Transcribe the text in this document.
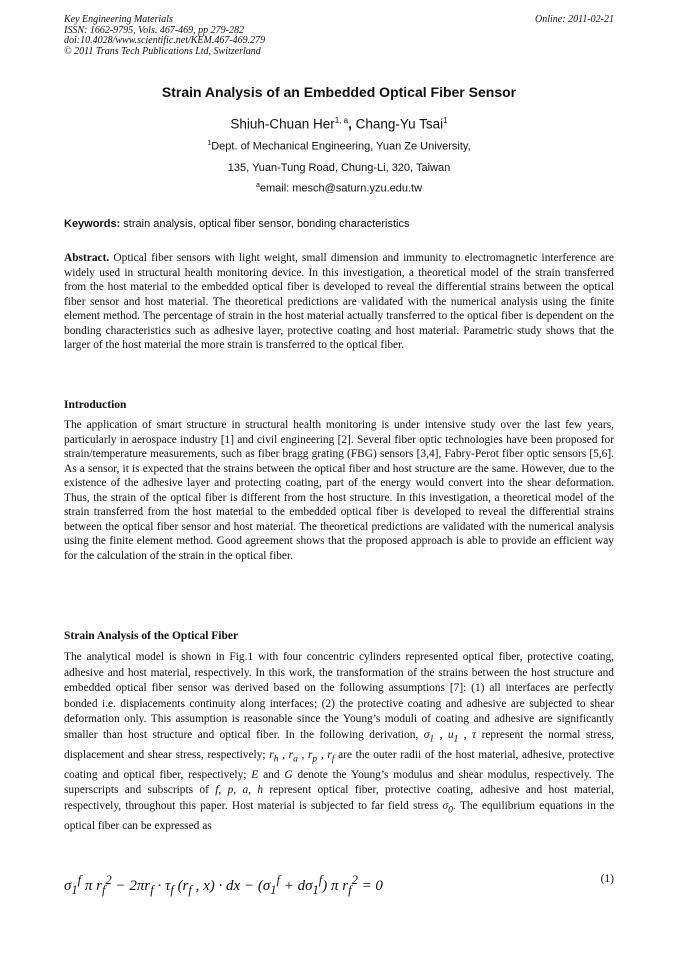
Key Engineering Materials
ISSN: 1662-9795, Vols. 467-469, pp 279-282
doi:10.4028/www.scientific.net/KEM.467-469.279
© 2011 Trans Tech Publications Ltd, Switzerland
Online: 2011-02-21
Strain Analysis of an Embedded Optical Fiber Sensor
Shiuh-Chuan Her$^{1, a}$, Chang-Yu Tsai$^1$
$^1$Dept. of Mechanical Engineering, Yuan Ze University,
135, Yuan-Tung Road, Chung-Li, 320, Taiwan
$^a$email: mesch@saturn.yzu.edu.tw
Keywords: strain analysis, optical fiber sensor, bonding characteristics
Abstract. Optical fiber sensors with light weight, small dimension and immunity to electromagnetic interference are widely used in structural health monitoring device. In this investigation, a theoretical model of the strain transferred from the host material to the embedded optical fiber is developed to reveal the differential strains between the optical fiber sensor and host material. The theoretical predictions are validated with the numerical analysis using the finite element method. The percentage of strain in the host material actually transferred to the optical fiber is dependent on the bonding characteristics such as adhesive layer, protective coating and host material. Parametric study shows that the larger of the host material the more strain is transferred to the optical fiber.
Introduction
The application of smart structure in structural health monitoring is under intensive study over the last few years, particularly in aerospace industry [1] and civil engineering [2]. Several fiber optic technologies have been proposed for strain/temperature measurements, such as fiber bragg grating (FBG) sensors [3,4], Fabry-Perot fiber optic sensors [5,6]. As a sensor, it is expected that the strains between the optical fiber and host structure are the same. However, due to the existence of the adhesive layer and protecting coating, part of the energy would convert into the shear deformation. Thus, the strain of the optical fiber is different from the host structure. In this investigation, a theoretical model of the strain transferred from the host material to the embedded optical fiber is developed to reveal the differential strains between the optical fiber sensor and host material. The theoretical predictions are validated with the numerical analysis using the finite element method. Good agreement shows that the proposed approach is able to provide an efficient way for the calculation of the strain in the optical fiber.
Strain Analysis of the Optical Fiber
The analytical model is shown in Fig.1 with four concentric cylinders represented optical fiber, protective coating, adhesive and host material, respectively. In this work, the transformation of the strains between the host structure and embedded optical fiber sensor was derived based on the following assumptions [7]: (1) all interfaces are perfectly bonded i.e. displacements continuity along interfaces; (2) the protective coating and adhesive are subjected to shear deformation only. This assumption is reasonable since the Young’s moduli of coating and adhesive are significantly smaller than host structure and optical fiber. In the following derivation, $\sigma_1$ , $u_1$ , τ represent the normal stress, displacement and shear stress, respectively; $r_h$ , $r_a$ , $r_p$ , $r_f$ are the outer radii of the host material, adhesive, protective coating and optical fiber, respectively; E and G denote the Young’s modulus and shear modulus, respectively. The superscripts and subscripts of f, p, a, h represent optical fiber, protective coating, adhesive and host material, respectively, throughout this paper. Host material is subjected to far field stress $\sigma_0$. The equilibrium equations in the optical fiber can be expressed as
$\sigma_1^f$ π $r_f^2 - 2\pi r_f \cdot \tau_f$ ($r_f$ , x) · dx − $(\sigma_1^f + d\sigma_1^f)$ π $r_f^2 = 0$	(1)
